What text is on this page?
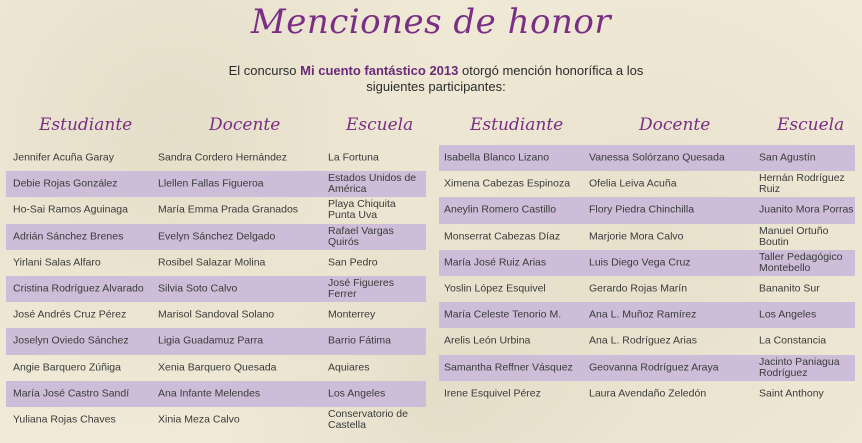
Menciones de honor
El concurso Mi cuento fantástico 2013 otorgó mención honorífica a los siguientes participantes:
Estudiante	Docente	Escuela
Jennifer Acuña Garay	Sandra Cordero Hernández	La Fortuna
Debie Rojas González	Llellen Fallas Figueroa	Estados Unidos de América
Ho-Sai Ramos Aguinaga	María Emma Prada Granados	Playa Chiquita Punta Uva
Adrián Sánchez Brenes	Evelyn Sánchez Delgado	Rafael Vargas Quirós
Yirlani Salas Alfaro	Rosibel Salazar Molina	San Pedro
Cristina Rodríguez Alvarado	Silvia Soto Calvo	José Figueres Ferrer
José Andrés Cruz Pérez	Marisol Sandoval Solano	Monterrey
Joselyn Oviedo Sánchez	Ligia Guadamuz Parra	Barrio Fátima
Angie Barquero Zúñiga	Xenia Barquero Quesada	Aquiares
María José Castro Sandí	Ana Infante Melendes	Los Angeles
Yuliana Rojas Chaves	Xinia Meza Calvo	Conservatorio de Castella
Estudiante	Docente	Escuela
Isabella Blanco Lizano	Vanessa Solórzano Quesada	San Agustín
Ximena Cabezas Espinoza	Ofelia Leiva Acuña	Hernán Rodríguez Ruiz
Aneylin Romero Castillo	Flory Piedra Chinchilla	Juanito Mora Porras
Monserrat Cabezas Díaz	Marjorie Mora Calvo	Manuel Ortuño Boutin
María José Ruiz Arias	Luis Diego Vega Cruz	Taller Pedagógico Montebello
Yoslin López Esquivel	Gerardo Rojas Marín	Bananito Sur
María Celeste Tenorio M.	Ana L. Muñoz Ramírez	Los Angeles
Arelis León Urbina	Ana L. Rodríguez Arias	La Constancia
Samantha Reffner Vásquez	Geovanna Rodríguez Araya	Jacinto Paniagua Rodríguez
Irene Esquivel Pérez	Laura Avendaño Zeledón	Saint Anthony
